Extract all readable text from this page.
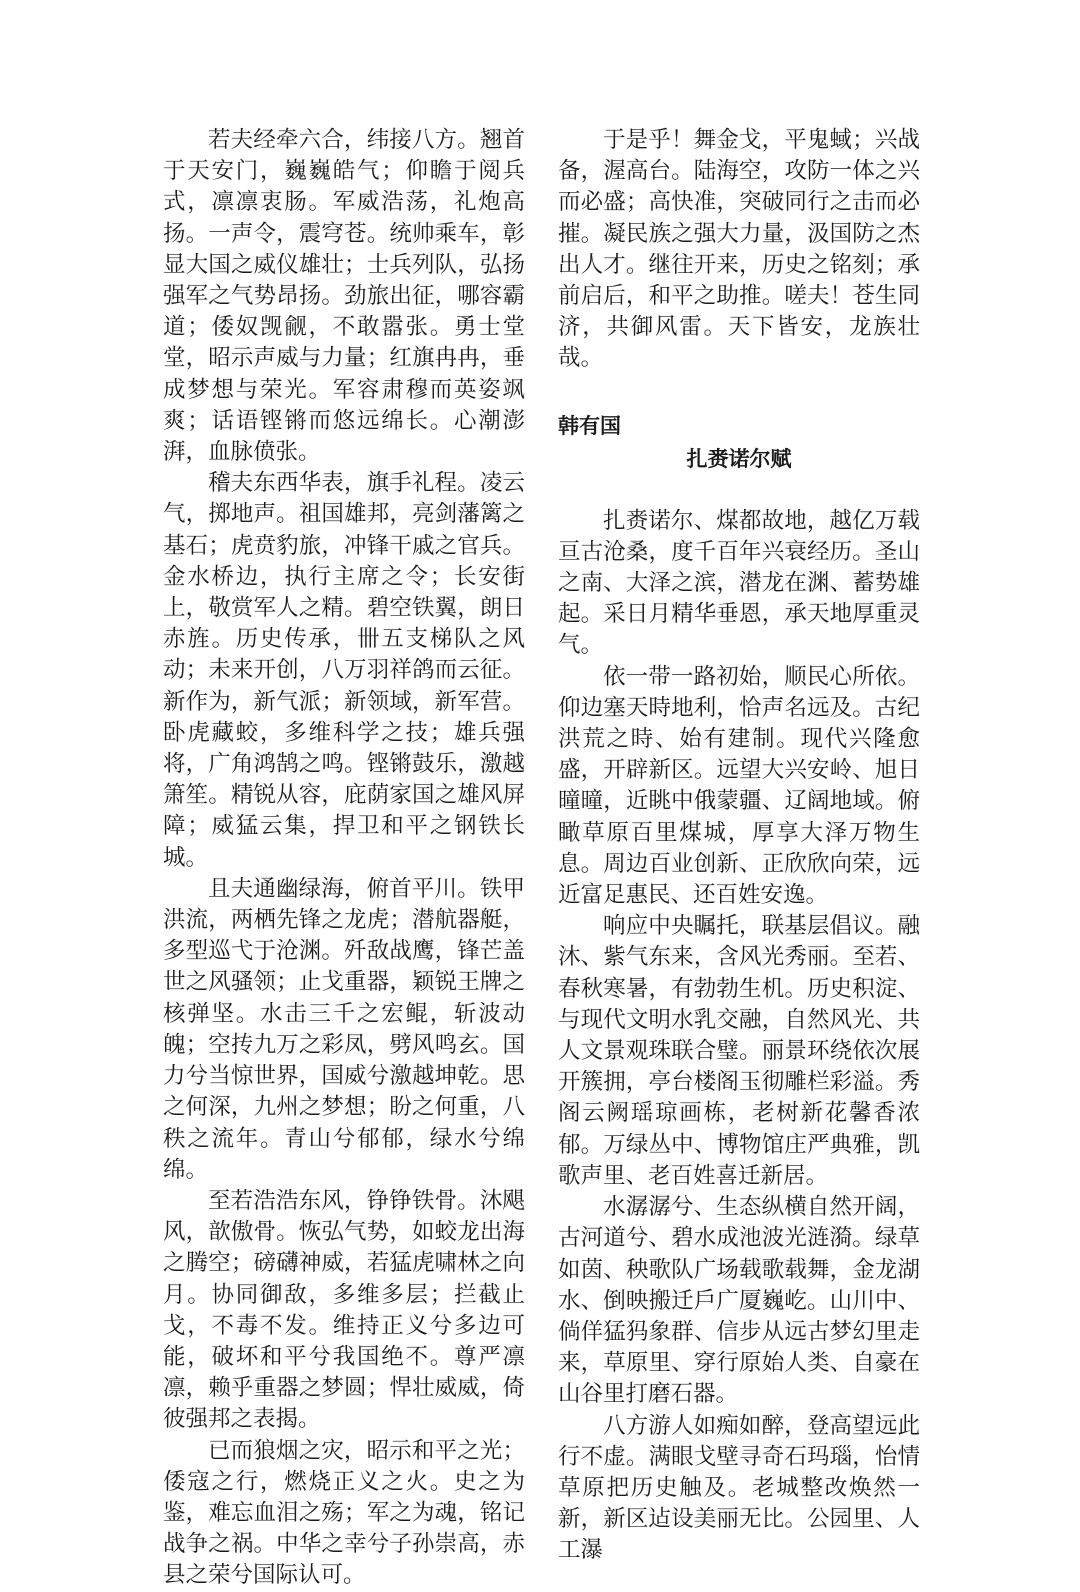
若夫经牵六合，纬接八方。翘首于天安门，巍巍皓气；仰瞻于阅兵式，凛凛衷肠。军威浩荡，礼炮高扬。一声令，震穹苍。统帅乘车，彰显大国之威仪雄壮；士兵列队，弘扬强军之气势昂扬。劲旅出征，哪容霸道；倭奴觊觎，不敢嚣张。勇士堂堂，昭示声威与力量；红旗冉冉，垂成梦想与荣光。军容肃穆而英姿飒爽；话语铿锵而悠远绵长。心潮澎湃，血脉偾张。

稽夫东西华表，旗手礼程。凌云气，掷地声。祖国雄邦，亮剑藩篱之基石；虎贲豹旅，冲锋干戚之官兵。金水桥边，执行主席之令；长安街上，敬赏军人之精。碧空铁翼，朗日赤旌。历史传承，卌五支梯队之风动；未来开创，八万羽祥鸽而云征。新作为，新气派；新领域，新军营。卧虎藏蛟，多维科学之技；雄兵强将，广角鸿鹄之鸣。铿锵鼓乐，激越箫笙。精锐从容，庇荫家国之雄风屏障；威猛云集，捍卫和平之钢铁长城。

且夫通幽绿海，俯首平川。铁甲洪流，两栖先锋之龙虎；潜航器艇，多型巡弋于沧渊。歼敌战鹰，锋芒盖世之风骚领；止戈重器，颖锐王牌之核弹坚。水击三千之宏鲲，斩波动魄；空抟九万之彩凤，劈风鸣玄。国力兮当惊世界，国威兮激越坤乾。思之何深，九州之梦想；盼之何重，八秩之流年。青山兮郁郁，绿水兮绵绵。

至若浩浩东风，铮铮铁骨。沐飓风，歆傲骨。恢弘气势，如蛟龙出海之腾空；磅礴神威，若猛虎啸林之向月。协同御敌，多维多层；拦截止戈，不毒不发。维持正义兮多边可能，破坏和平兮我国绝不。尊严凛凛，赖乎重器之梦圆；悍壮威威，倚彼强邦之表揭。

已而狼烟之灾，昭示和平之光；倭寇之行，燃烧正义之火。史之为鉴，难忘血泪之殇；军之为魂，铭记战争之祸。中华之幸兮子孙崇高，赤县之荣兮国际认可。

于是乎！舞金戈，平鬼蜮；兴战备，渥高台。陆海空，攻防一体之兴而必盛；高快准，突破同行之击而必摧。凝民族之强大力量，汲国防之杰出人才。继往开来，历史之铭刻；承前启后，和平之助推。嗟夫！苍生同济，共御风雷。天下皆安，龙族壮哉。

韩有国

扎赉诺尔赋

扎赉诺尔、煤都故地，越亿万载亘古沧桑，度千百年兴衰经历。圣山之南、大泽之滨，潜龙在渊、蓄势雄起。采日月精华垂恩，承天地厚重灵气。

依一带一路初始，顺民心所依。仰边塞天時地利，恰声名远及。古纪洪荒之時、始有建制。现代兴隆愈盛，开辟新区。远望大兴安岭、旭日曈曈，近眺中俄蒙疆、辽阔地域。俯瞰草原百里煤城，厚享大泽万物生息。周边百业创新、正欣欣向荣，远近富足惠民、还百姓安逸。

响应中央瞩托，联基层倡议。融沐、紫气东来，含风光秀丽。至若、春秋寒暑，有勃勃生机。历史积淀、与现代文明水乳交融，自然风光、共人文景观珠联合璧。丽景环绕依次展开簇拥，亭台楼阁玉彻雕栏彩溢。秀阁云阙瑶琼画栋，老树新花馨香浓郁。万绿丛中、博物馆庄严典雅，凯歌声里、老百姓喜迁新居。

水潺潺兮、生态纵横自然开阔，古河道兮、碧水成池波光涟漪。绿草如茵、秧歌队广场载歌载舞，金龙湖水、倒映搬迁戶广厦巍屹。山川中、倘佯猛犸象群、信步从远古梦幻里走来，草原里、穿行原始人类、自豪在山谷里打磨石器。

八方游人如痴如醉，登高望远此行不虚。满眼戈壁寻奇石玛瑙，怡情草原把历史触及。老城整改焕然一新，新区迠设美丽无比。公园里、人工瀑
